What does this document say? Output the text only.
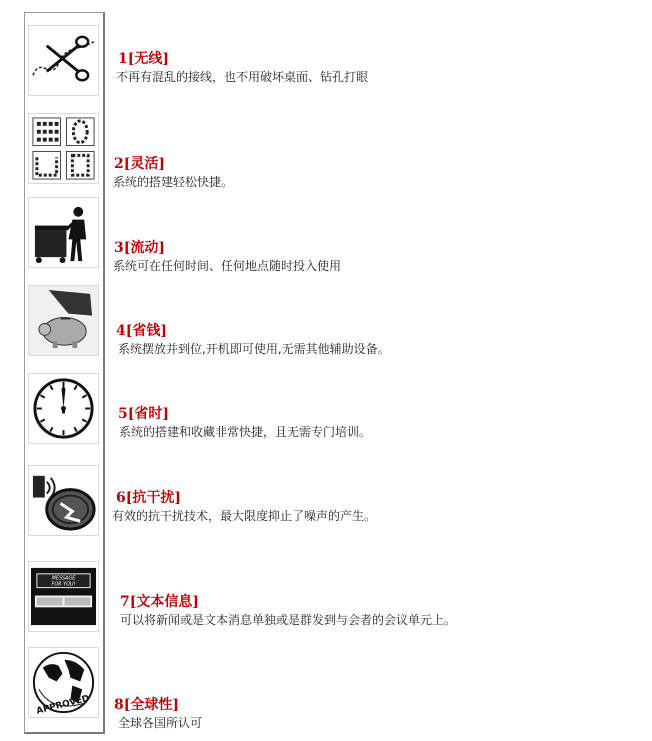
MESSAGE
FOR YOU!
APPROVED
1[无线]
不再有混乱的接线，也不用破坏桌面、钻孔打眼
2[灵活]
系统的搭建轻松快捷。
3[流动]
系统可在任何时间、任何地点随时投入使用
4[省钱]
系统摆放并到位,开机即可使用,无需其他辅助设备。
5[省时]
系统的搭建和收藏非常快捷，且无需专门培训。
6[抗干扰]
有效的抗干扰技术，最大限度抑止了噪声的产生。
7[文本信息]
可以将新闻或是文本消息单独或是群发到与会者的会议单元上。
8[全球性]
全球各国所认可
